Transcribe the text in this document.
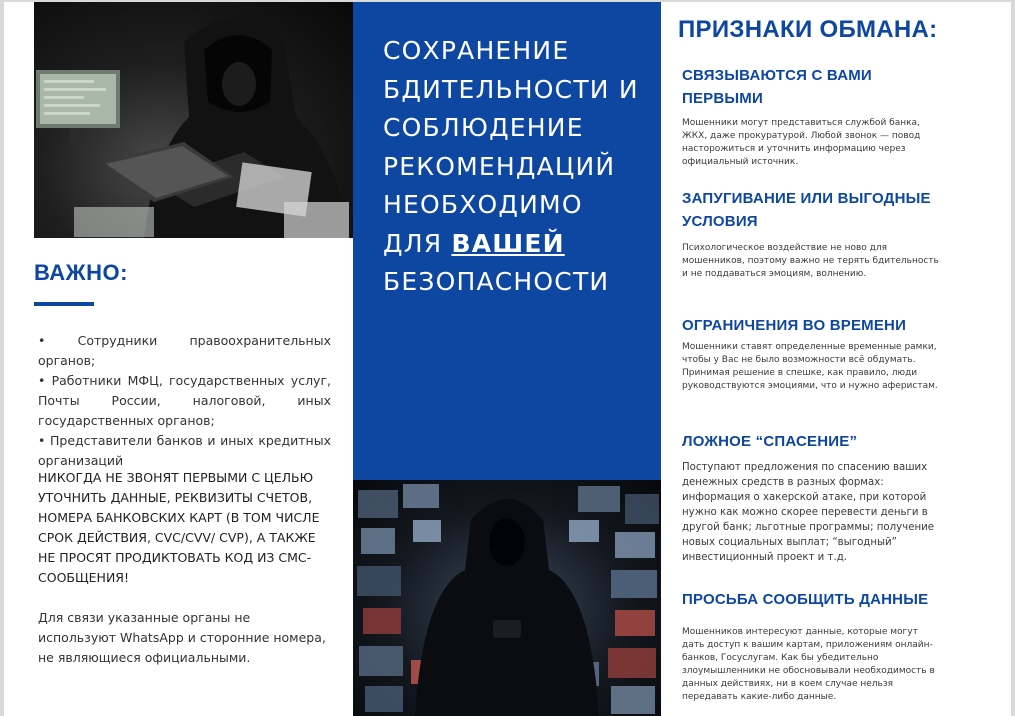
ВАЖНО:

• Сотрудники правоохранительных органов;

• Работники МФЦ, государственных услуг, Почты России, налоговой, иных государственных органов;

• Представители банков и иных кредитных организаций

НИКОГДА НЕ ЗВОНЯТ ПЕРВЫМИ С ЦЕЛЬЮ УТОЧНИТЬ ДАННЫЕ, РЕКВИЗИТЫ СЧЕТОВ, НОМЕРА БАНКОВСКИХ КАРТ (В ТОМ ЧИСЛЕ СРОК ДЕЙСТВИЯ, CVC/CVV/ CVP), А ТАКЖЕ НЕ ПРОСЯТ ПРОДИКТОВАТЬ КОД ИЗ СМС-СООБЩЕНИЯ!

Для связи указанные органы не используют WhatsApp и сторонние номера, не являющиеся официальными.

СОХРАНЕНИЕ БДИТЕЛЬНОСТИ И СОБЛЮДЕНИЕ РЕКОМЕНДАЦИЙ НЕОБХОДИМО ДЛЯ ВАШЕЙ БЕЗОПАСНОСТИ
ПРИЗНАКИ ОБМАНА:
СВЯЗЫВАЮТСЯ С ВАМИ ПЕРВЫМИ

Мошенники могут представиться службой банка, ЖКХ, даже прокуратурой. Любой звонок — повод насторожиться и уточнить информацию через официальный источник.

ЗАПУГИВАНИЕ ИЛИ ВЫГОДНЫЕ УСЛОВИЯ

Психологическое воздействие не ново для мошенников, поэтому важно не терять бдительность и не поддаваться эмоциям, волнению.

ОГРАНИЧЕНИЯ ВО ВРЕМЕНИ

Мошенники ставят определенные временные рамки, чтобы у Вас не было возможности всё обдумать. Принимая решение в спешке, как правило, люди руководствуются эмоциями, что и нужно аферистам.

ЛОЖНОЕ “СПАСЕНИЕ”

Поступают предложения по спасению ваших денежных средств в разных формах: информация о хакерской атаке, при которой нужно как можно скорее перевести деньги в другой банк; льготные программы; получение новых социальных выплат; “выгодный” инвестиционный проект и т.д.

ПРОСЬБА СООБЩИТЬ ДАННЫЕ

Мошенников интересуют данные, которые могут дать доступ к вашим картам, приложениям онлайн-банков, Госуслугам. Как бы убедительно злоумышленники не обосновывали необходимость в данных действиях, ни в коем случае нельзя передавать какие-либо данные.
